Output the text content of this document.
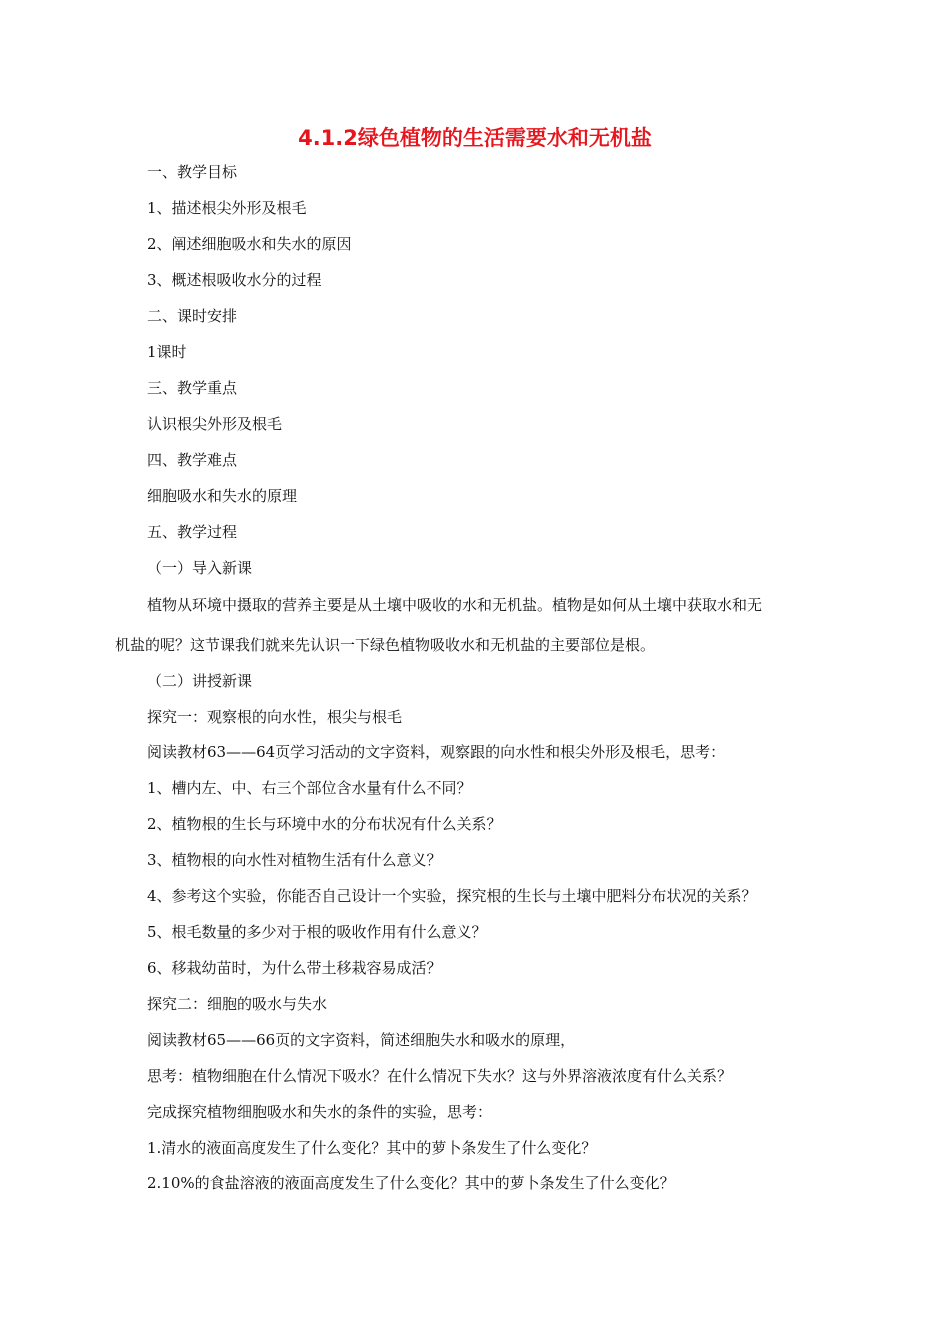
4.1.2绿色植物的生活需要水和无机盐

一、教学目标

1、描述根尖外形及根毛

2、阐述细胞吸水和失水的原因

3、概述根吸收水分的过程

二、课时安排

1课时

三、教学重点

认识根尖外形及根毛

四、教学难点

细胞吸水和失水的原理

五、教学过程

（一）导入新课

植物从环境中摄取的营养主要是从土壤中吸收的水和无机盐。植物是如何从土壤中获取水和无

机盐的呢？这节课我们就来先认识一下绿色植物吸收水和无机盐的主要部位是根。

（二）讲授新课

探究一：观察根的向水性，根尖与根毛

阅读教材63——64页学习活动的文字资料，观察跟的向水性和根尖外形及根毛，思考：

1、槽内左、中、右三个部位含水量有什么不同？

2、植物根的生长与环境中水的分布状况有什么关系？

3、植物根的向水性对植物生活有什么意义？

4、参考这个实验，你能否自己设计一个实验，探究根的生长与土壤中肥料分布状况的关系？

5、根毛数量的多少对于根的吸收作用有什么意义？

6、移栽幼苗时，为什么带土移栽容易成活？

探究二：细胞的吸水与失水

阅读教材65——66页的文字资料，简述细胞失水和吸水的原理，

思考：植物细胞在什么情况下吸水？在什么情况下失水？这与外界溶液浓度有什么关系？

完成探究植物细胞吸水和失水的条件的实验，思考：

1.清水的液面高度发生了什么变化？其中的萝卜条发生了什么变化？

2.10%的食盐溶液的液面高度发生了什么变化？其中的萝卜条发生了什么变化？
